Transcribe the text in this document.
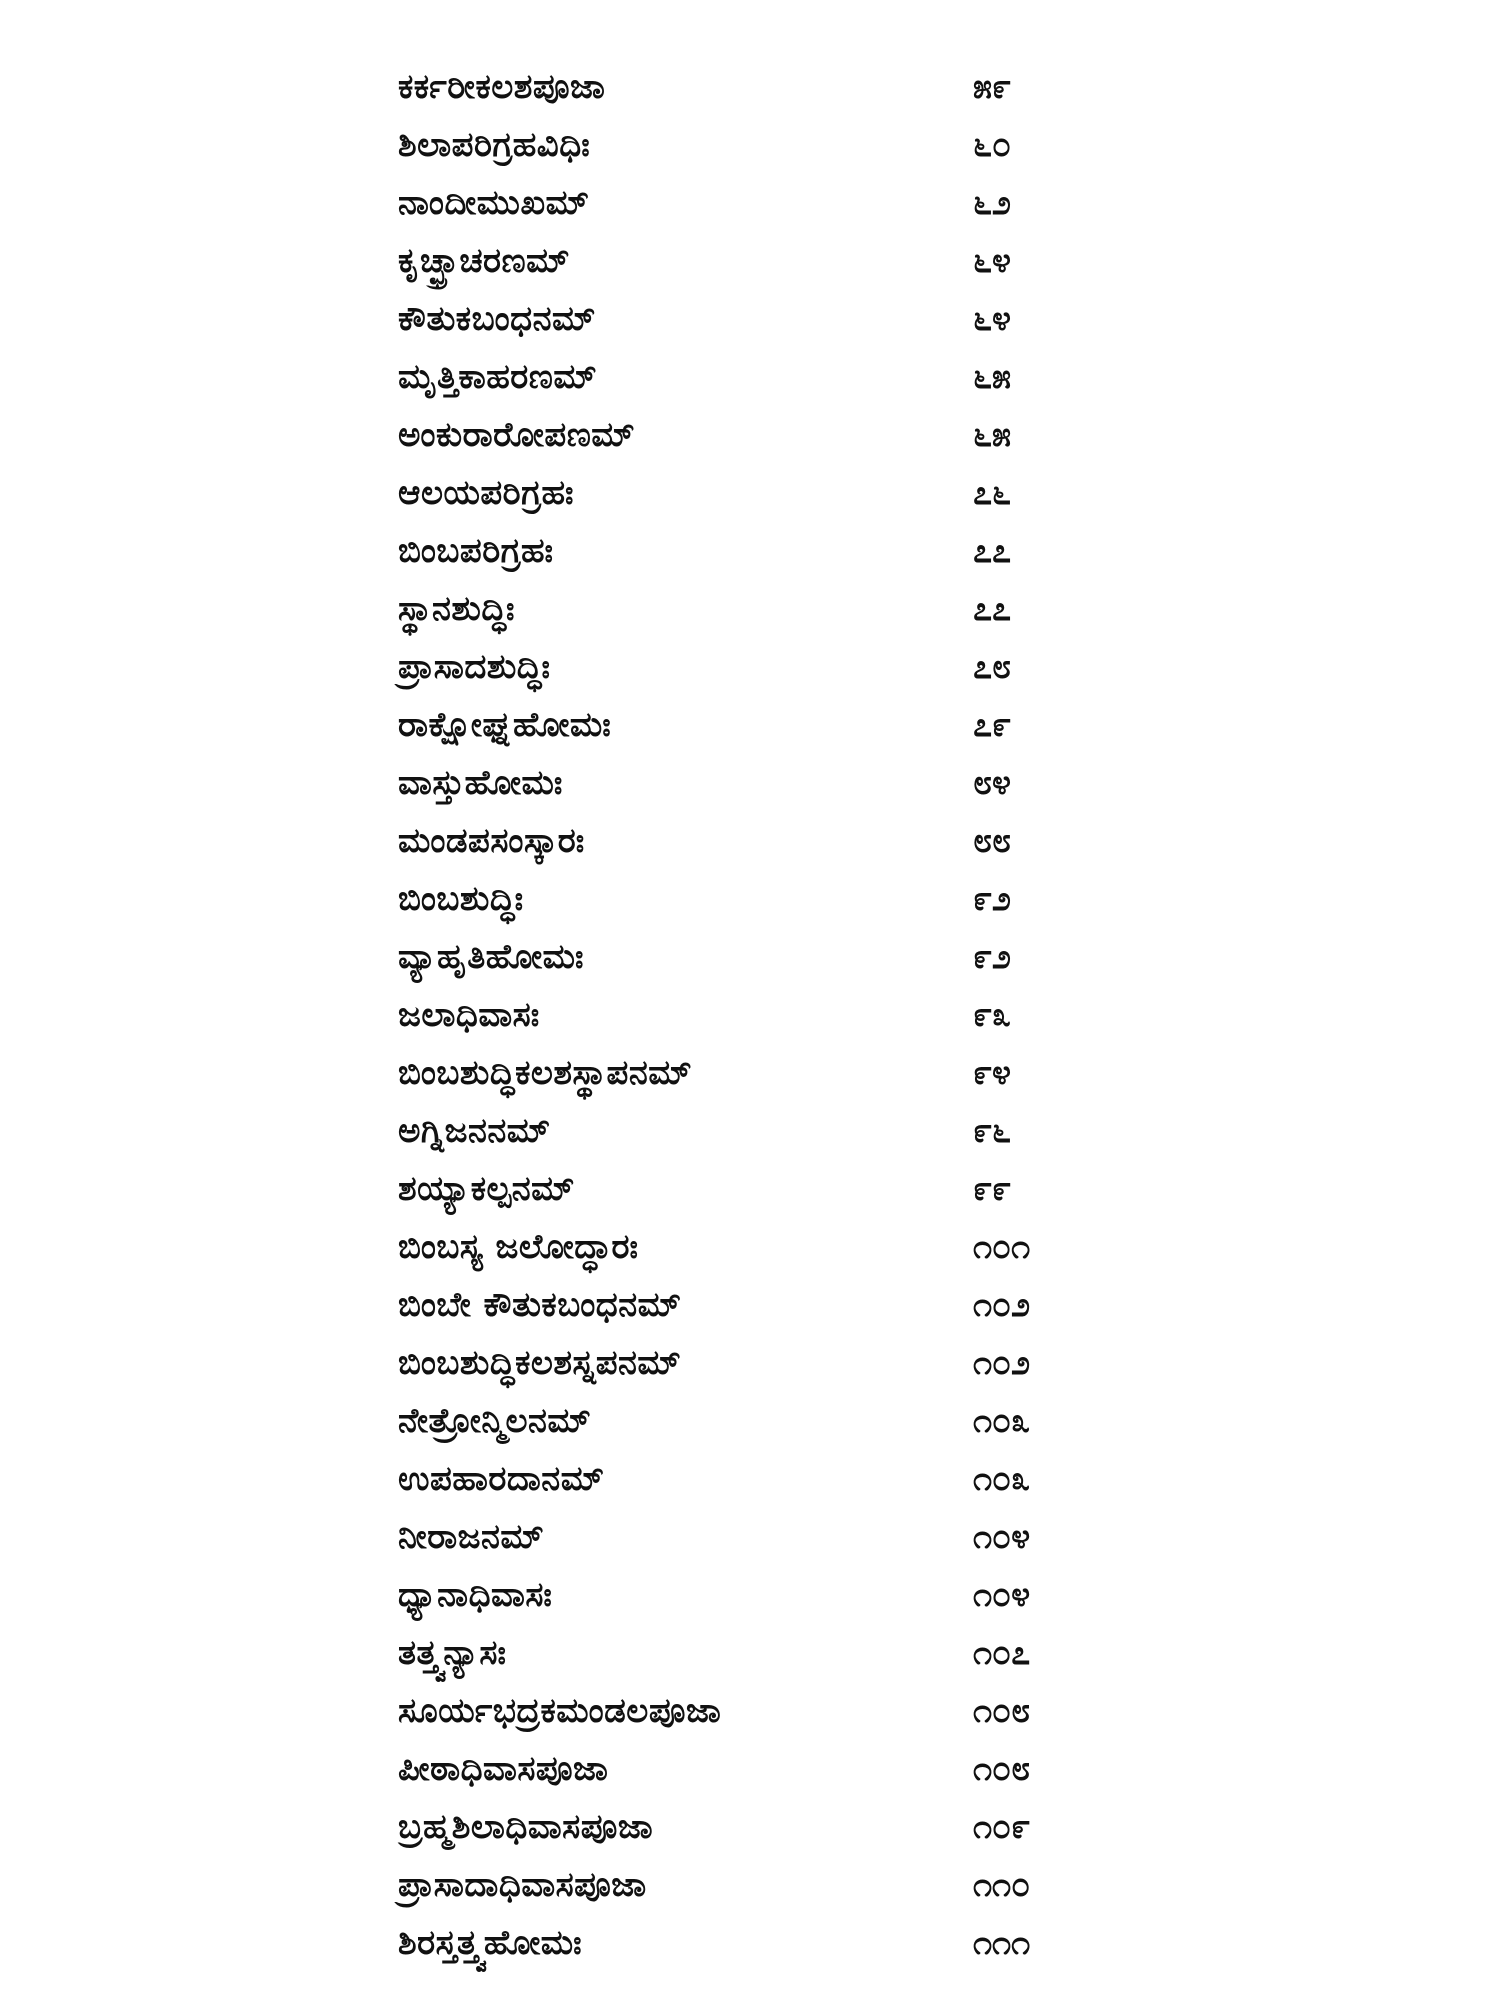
ಕರ್ಕರೀಕಲಶಪೂಜಾ	೫೯
ಶಿಲಾಪರಿಗ್ರಹವಿಧಿಃ	೬೦
ನಾಂದೀಮುಖಮ್	೬೨
ಕೃಚ್ಛ್ರಾಚರಣಮ್	೬೪
ಕೌತುಕಬಂಧನಮ್	೬೪
ಮೃತ್ತಿಕಾಹರಣಮ್	೬೫
ಅಂಕುರಾರೋಪಣಮ್	೬೫
ಆಲಯಪರಿಗ್ರಹಃ	೭೬
ಬಿಂಬಪರಿಗ್ರಹಃ	೭೭
ಸ್ಥಾನಶುದ್ಧಿಃ	೭೭
ಪ್ರಾಸಾದಶುದ್ಧಿಃ	೭೮
ರಾಕ್ಷೋಘ್ನಹೋಮಃ	೭೯
ವಾಸ್ತುಹೋಮಃ	೮೪
ಮಂಡಪಸಂಸ್ಕಾರಃ	೮೮
ಬಿಂಬಶುದ್ಧಿಃ	೯೨
ವ್ಯಾಹೃತಿಹೋಮಃ	೯೨
ಜಲಾಧಿವಾಸಃ	೯೩
ಬಿಂಬಶುದ್ಧಿಕಲಶಸ್ಥಾಪನಮ್	೯೪
ಅಗ್ನಿಜನನಮ್	೯೬
ಶಯ್ಯಾಕಲ್ಪನಮ್	೯೯
ಬಿಂಬಸ್ಯ ಜಲೋದ್ಧಾರಃ	೧೦೧
ಬಿಂಬೇ ಕೌತುಕಬಂಧನಮ್	೧೦೨
ಬಿಂಬಶುದ್ಧಿಕಲಶಸ್ನಪನಮ್	೧೦೨
ನೇತ್ರೋನ್ಮಿಲನಮ್	೧೦೩
ಉಪಹಾರದಾನಮ್	೧೦೩
ನೀರಾಜನಮ್	೧೦೪
ಧ್ಯಾನಾಧಿವಾಸಃ	೧೦೪
ತತ್ತ್ವನ್ಯಾಸಃ	೧೦೭
ಸೂರ್ಯಭದ್ರಕಮಂಡಲಪೂಜಾ	೧೦೮
ಪೀಠಾಧಿವಾಸಪೂಜಾ	೧೦೮
ಬ್ರಹ್ಮಶಿಲಾಧಿವಾಸಪೂಜಾ	೧೦೯
ಪ್ರಾಸಾದಾಧಿವಾಸಪೂಜಾ	೧೧೦
ಶಿರಸ್ತತ್ತ್ವಹೋಮಃ	೧೧೧
